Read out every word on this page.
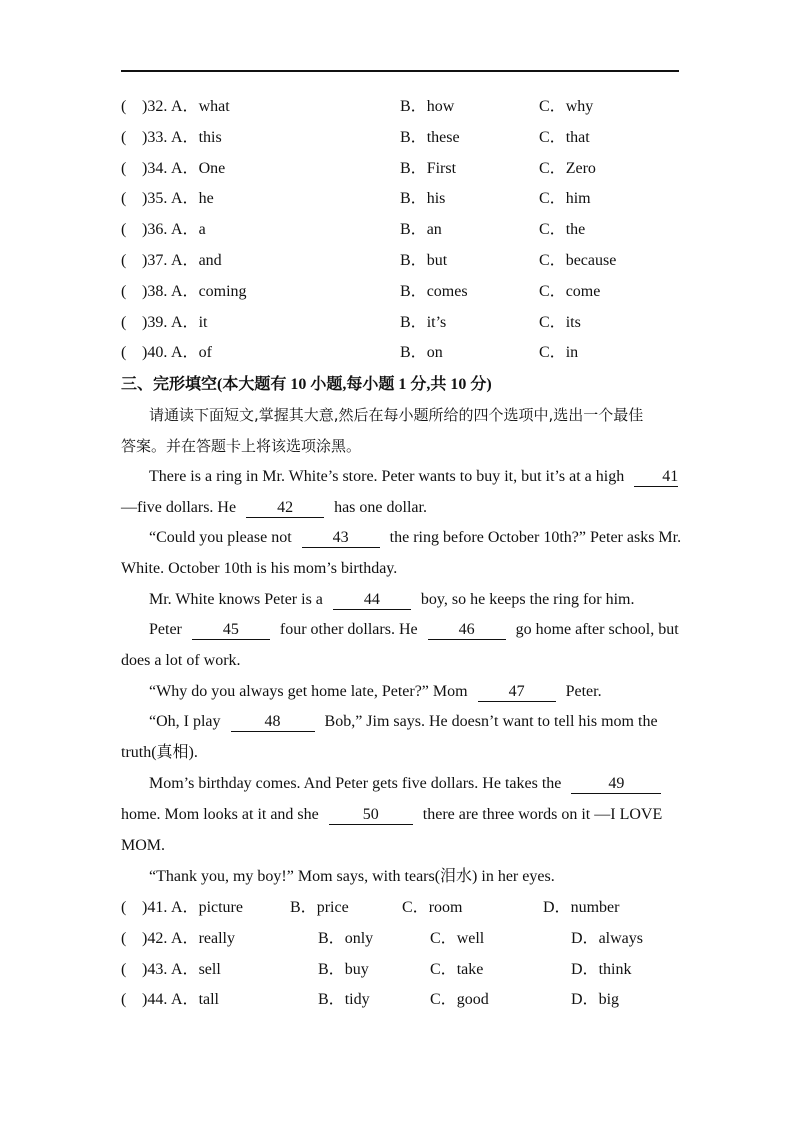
( )32. A．what	B．how	C．why
( )33. A．this	B．these	C．that
( )34. A．One	B．First	C．Zero
( )35. A．he	B．his	C．him
( )36. A．a	B．an	C．the
( )37. A．and	B．but	C．because
( )38. A．coming	B．comes	C．come
( )39. A．it	B．it’s	C．its
( )40. A．of	B．on	C．in
三、完形填空(本大题有 10 小题,每小题 1 分,共 10 分)
请通读下面短文,掌握其大意,然后在每小题所给的四个选项中,选出一个最佳
答案。并在答题卡上将该选项涂黑。
There is a ring in Mr. White’s store. Peter wants to buy it, but it’s at a high 41
—five dollars. He	42	has one dollar.
“Could you please not	43	the ring before October 10th?” Peter asks Mr.
White. October 10th is his mom’s birthday.
Mr. White knows Peter is a	44	boy, so he keeps the ring for him.
Peter	45	four other dollars. He	46	go home after school, but
does a lot of work.
“Why do you always get home late, Peter?” Mom	47	Peter.
“Oh, I play	48	Bob,” Jim says. He doesn’t want to tell his mom the
truth(真相).
Mom’s birthday comes. And Peter gets five dollars. He takes the	49
home. Mom looks at it and she	50	there are three words on it —I LOVE
MOM.
“Thank you, my boy!” Mom says, with tears(泪水) in her eyes.
( )41. A．picture	B．price	C．room	D．number
( )42. A．really	B．only	C．well	D．always
( )43. A．sell	B．buy	C．take	D．think
( )44. A．tall	B．tidy	C．good	D．big
